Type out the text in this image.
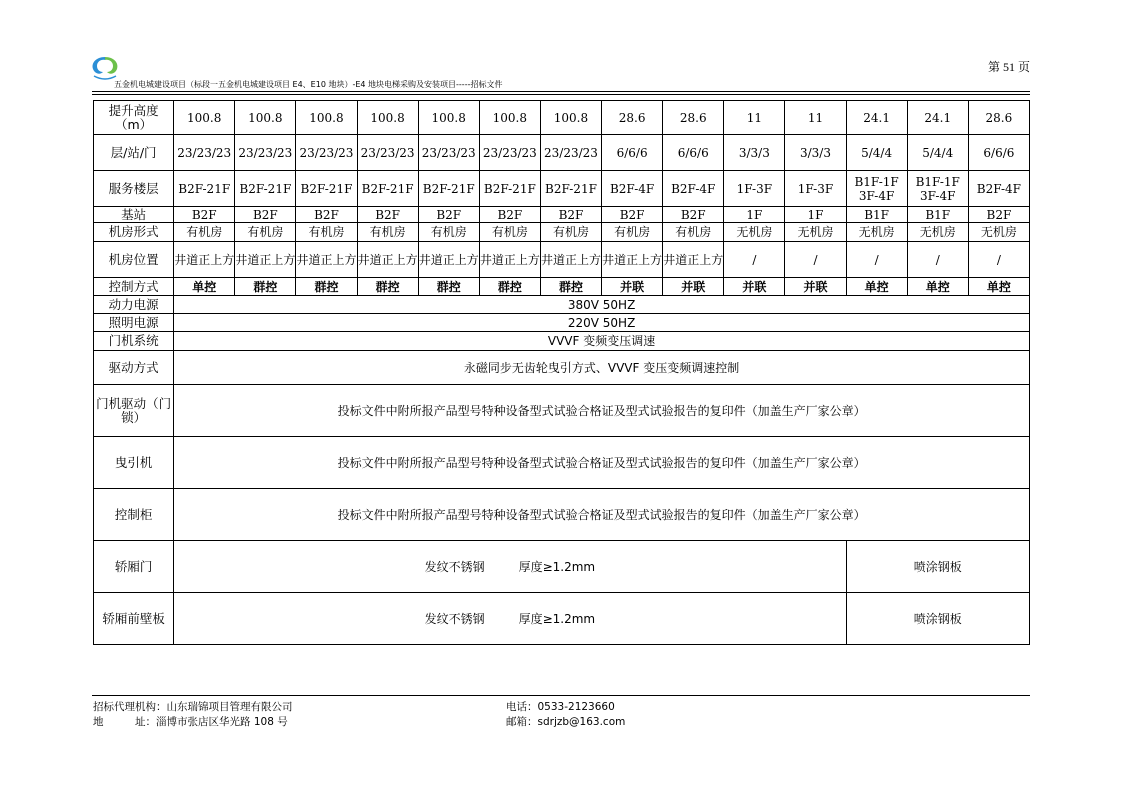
第 51 页
五金机电城建设项目（标段一五金机电城建设项目 E4、E10 地块）-E4 地块电梯采购及安装项目-----招标文件
提升高度（m）	100.8	100.8	100.8	100.8	100.8	100.8	100.8	28.6	28.6	11	11	24.1	24.1	28.6
层/站/门	23/23/23	23/23/23	23/23/23	23/23/23	23/23/23	23/23/23	23/23/23	6/6/6	6/6/6	3/3/3	3/3/3	5/4/4	5/4/4	6/6/6
服务楼层	B2F-21F	B2F-21F	B2F-21F	B2F-21F	B2F-21F	B2F-21F	B2F-21F	B2F-4F	B2F-4F	1F-3F	1F-3F	B1F-1F 3F-4F	B1F-1F 3F-4F	B2F-4F
基站	B2F	B2F	B2F	B2F	B2F	B2F	B2F	B2F	B2F	1F	1F	B1F	B1F	B2F
机房形式	有机房	有机房	有机房	有机房	有机房	有机房	有机房	有机房	有机房	无机房	无机房	无机房	无机房	无机房
机房位置	井道正上方	井道正上方	井道正上方	井道正上方	井道正上方	井道正上方	井道正上方	井道正上方	井道正上方	/	/	/	/	/
控制方式	单控	群控	群控	群控	群控	群控	群控	并联	并联	并联	并联	单控	单控	单控
动力电源	380V 50HZ													
照明电源	220V 50HZ													
门机系统	VVVF 变频变压调速													
驱动方式	永磁同步无齿轮曳引方式、VVVF 变压变频调速控制													
门机驱动（门锁）	投标文件中附所报产品型号特种设备型式试验合格证及型式试验报告的复印件（加盖生产厂家公章）													
曳引机	投标文件中附所报产品型号特种设备型式试验合格证及型式试验报告的复印件（加盖生产厂家公章）													
控制柜	投标文件中附所报产品型号特种设备型式试验合格证及型式试验报告的复印件（加盖生产厂家公章）													
轿厢门	发纹不锈钢 厚度≥1.2mm											喷涂钢板		
轿厢前壁板	发纹不锈钢 厚度≥1.2mm											喷涂钢板		
招标代理机构：山东瑞锦项目管理有限公司
地　　　址：淄博市张店区华光路 108 号
电话：0533-2123660
邮箱：sdrjzb@163.com
